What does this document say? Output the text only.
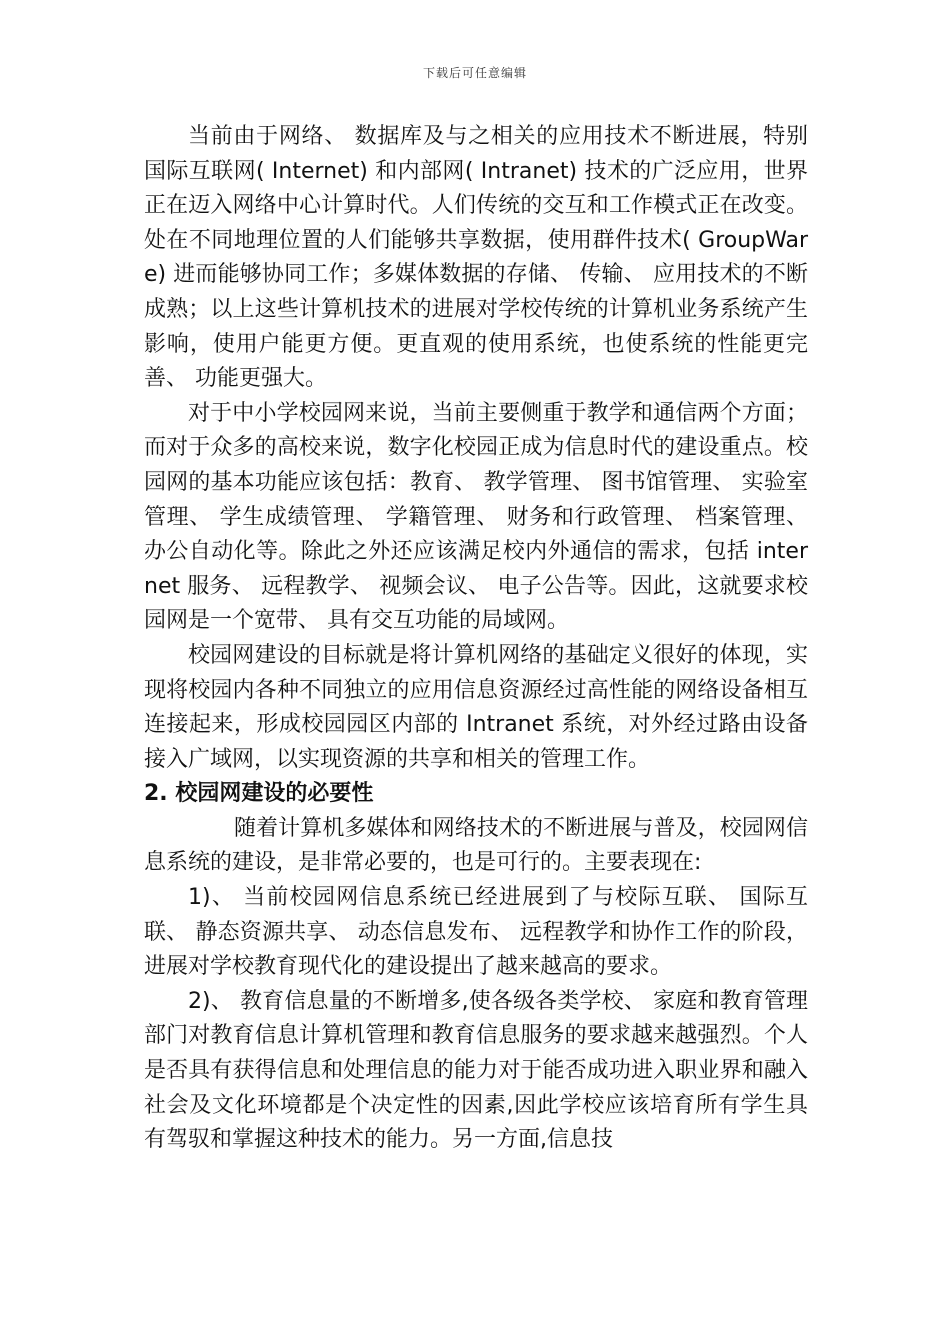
下载后可任意编辑

当前由于网络、 数据库及与之相关的应用技术不断进展，特别国际互联网( Internet) 和内部网( Intranet) 技术的广泛应用，世界正在迈入网络中心计算时代。人们传统的交互和工作模式正在改变。处在不同地理位置的人们能够共享数据，使用群件技术( GroupWare) 进而能够协同工作；多媒体数据的存储、 传输、 应用技术的不断成熟；以上这些计算机技术的进展对学校传统的计算机业务系统产生影响，使用户能更方便。更直观的使用系统，也使系统的性能更完善、 功能更强大。

对于中小学校园网来说，当前主要侧重于教学和通信两个方面；而对于众多的高校来说，数字化校园正成为信息时代的建设重点。校园网的基本功能应该包括：教育、 教学管理、 图书馆管理、 实验室管理、 学生成绩管理、 学籍管理、 财务和行政管理、 档案管理、 办公自动化等。除此之外还应该满足校内外通信的需求，包括 internet 服务、 远程教学、 视频会议、 电子公告等。因此，这就要求校园网是一个宽带、 具有交互功能的局域网。

校园网建设的目标就是将计算机网络的基础定义很好的体现，实现将校园内各种不同独立的应用信息资源经过高性能的网络设备相互连接起来，形成校园园区内部的 Intranet 系统，对外经过路由设备接入广域网，以实现资源的共享和相关的管理工作。

2. 校园网建设的必要性

随着计算机多媒体和网络技术的不断进展与普及，校园网信息系统的建设，是非常必要的，也是可行的。主要表现在:

1)、 当前校园网信息系统已经进展到了与校际互联、 国际互联、 静态资源共享、 动态信息发布、 远程教学和协作工作的阶段，进展对学校教育现代化的建设提出了越来越高的要求。

2)、 教育信息量的不断增多,使各级各类学校、 家庭和教育管理部门对教育信息计算机管理和教育信息服务的要求越来越强烈。个人是否具有获得信息和处理信息的能力对于能否成功进入职业界和融入社会及文化环境都是个决定性的因素,因此学校应该培育所有学生具有驾驭和掌握这种技术的能力。另一方面,信息技
